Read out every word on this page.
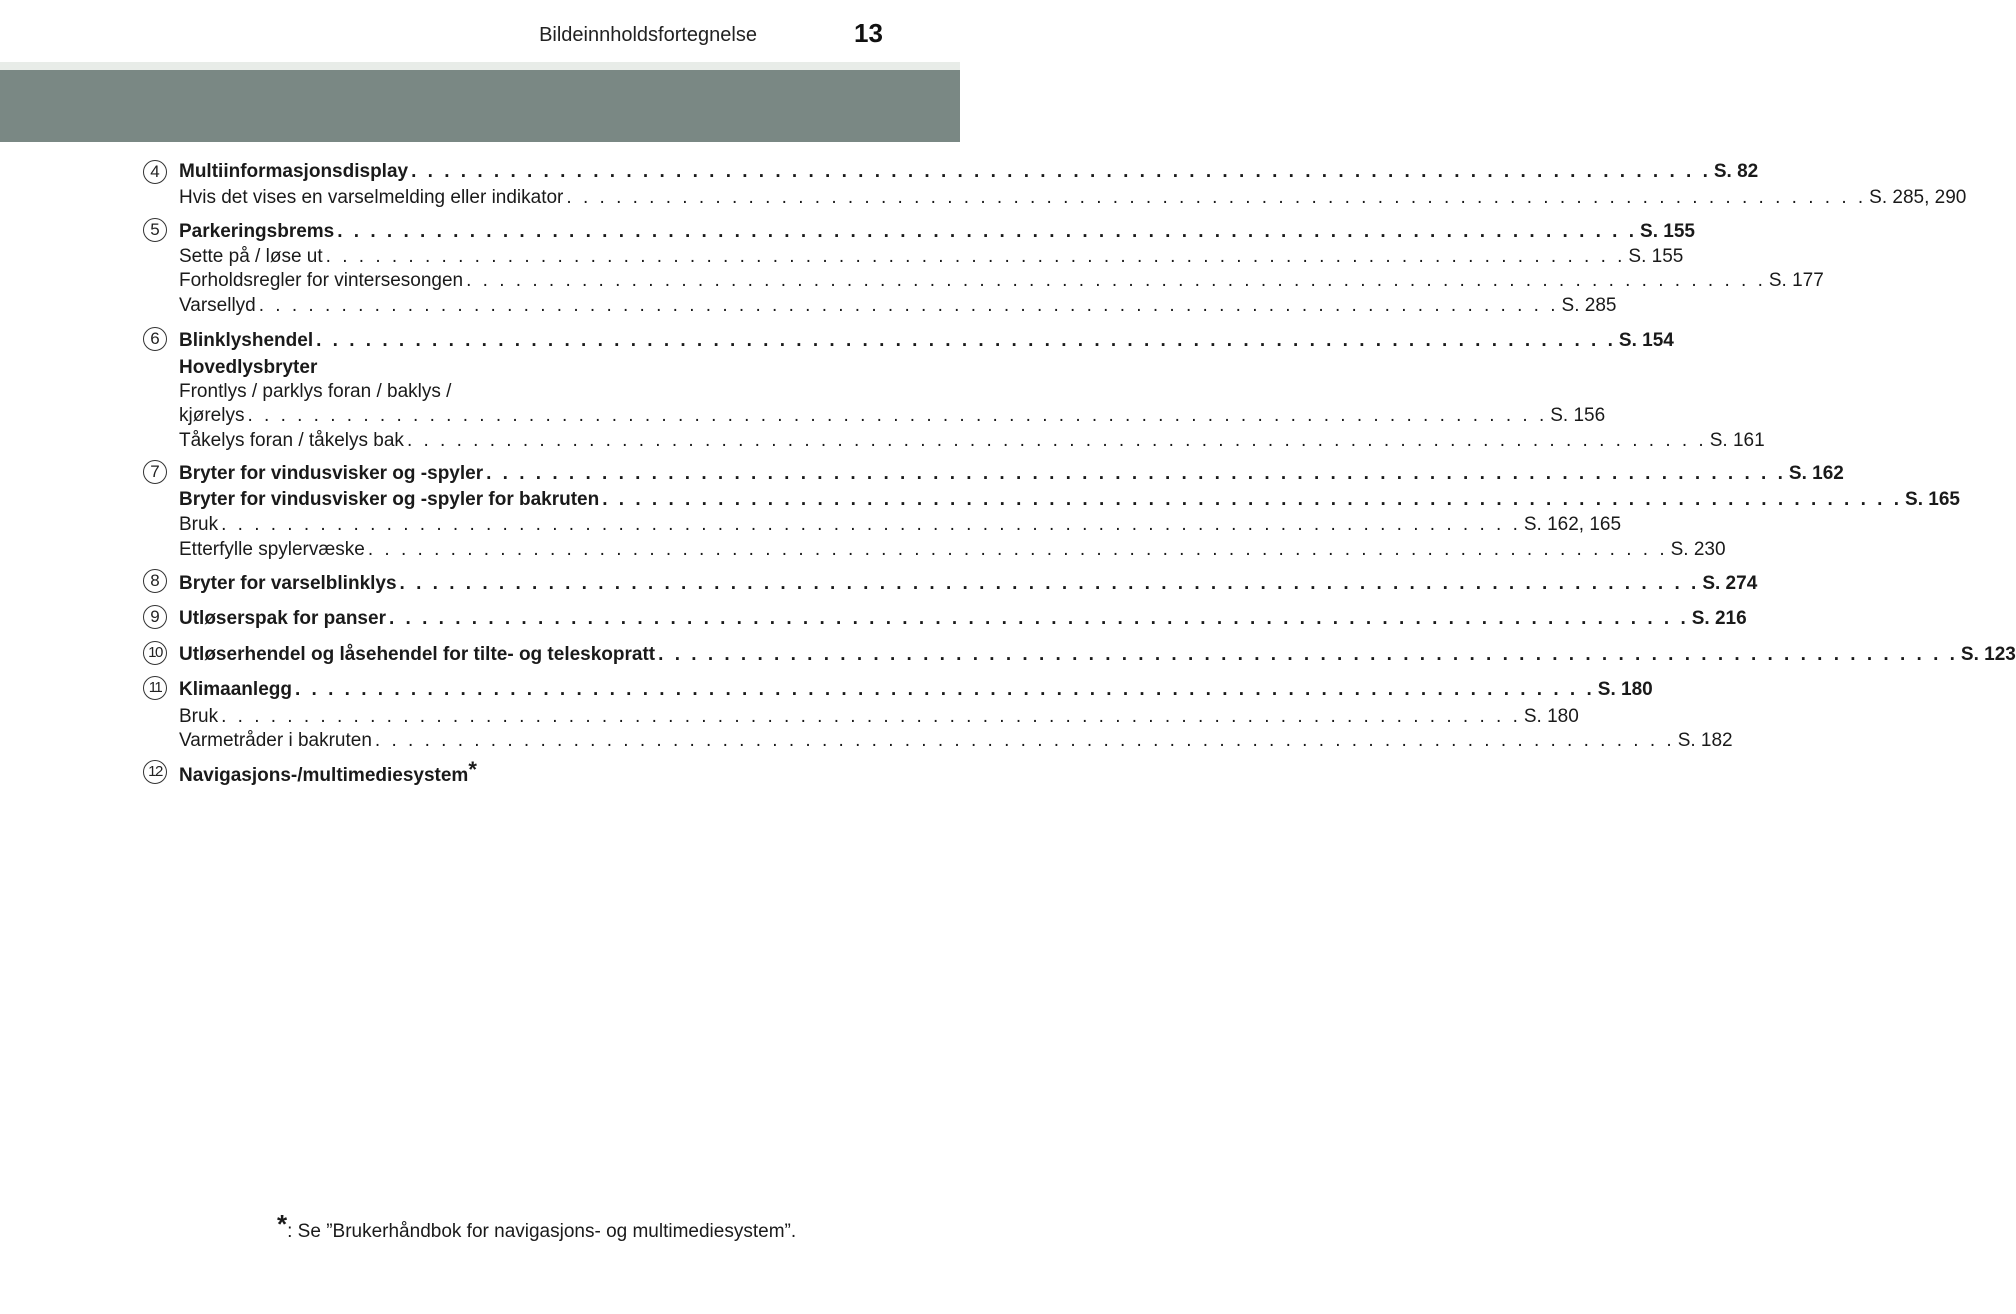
Bildeinnholdsfortegnelse	13
4	Multiinformasjonsdisplay . . . . . . . . . . . . . . . . . . . . . . . . . . . . . . . . . . . . . . . . . . . . . . . . . . . . . . . . . . . . . . . . . . . . . . . . . . . . . . . S. 82
Hvis det vises en varselmelding eller indikator . . . . . . . . . . . . . . . . . . . . . . . . . . . . . . . . . . . . . . . . . . . . . . . . . . . . . . . . . . . . . . . . . . . . . . . . . . . . . . . S. 285, 290
5	Parkeringsbrems . . . . . . . . . . . . . . . . . . . . . . . . . . . . . . . . . . . . . . . . . . . . . . . . . . . . . . . . . . . . . . . . . . . . . . . . . . . . . . . S. 155
Sette på / løse ut . . . . . . . . . . . . . . . . . . . . . . . . . . . . . . . . . . . . . . . . . . . . . . . . . . . . . . . . . . . . . . . . . . . . . . . . . . . . . . . S. 155
Forholdsregler for vintersesongen . . . . . . . . . . . . . . . . . . . . . . . . . . . . . . . . . . . . . . . . . . . . . . . . . . . . . . . . . . . . . . . . . . . . . . . . . . . . . . . S. 177
Varsellyd . . . . . . . . . . . . . . . . . . . . . . . . . . . . . . . . . . . . . . . . . . . . . . . . . . . . . . . . . . . . . . . . . . . . . . . . . . . . . . . S. 285
6	Blinklyshendel . . . . . . . . . . . . . . . . . . . . . . . . . . . . . . . . . . . . . . . . . . . . . . . . . . . . . . . . . . . . . . . . . . . . . . . . . . . . . . . S. 154
Hovedlysbryter
Frontlys / parklys foran / baklys /
kjørelys . . . . . . . . . . . . . . . . . . . . . . . . . . . . . . . . . . . . . . . . . . . . . . . . . . . . . . . . . . . . . . . . . . . . . . . . . . . . . . . S. 156
Tåkelys foran / tåkelys bak . . . . . . . . . . . . . . . . . . . . . . . . . . . . . . . . . . . . . . . . . . . . . . . . . . . . . . . . . . . . . . . . . . . . . . . . . . . . . . . S. 161
7	Bryter for vindusvisker og -spyler . . . . . . . . . . . . . . . . . . . . . . . . . . . . . . . . . . . . . . . . . . . . . . . . . . . . . . . . . . . . . . . . . . . . . . . . . . . . . . . S. 162
Bryter for vindusvisker og -spyler for bakruten . . . . . . . . . . . . . . . . . . . . . . . . . . . . . . . . . . . . . . . . . . . . . . . . . . . . . . . . . . . . . . . . . . . . . . . . . . . . . . . S. 165
Bruk . . . . . . . . . . . . . . . . . . . . . . . . . . . . . . . . . . . . . . . . . . . . . . . . . . . . . . . . . . . . . . . . . . . . . . . . . . . . . . . S. 162, 165
Etterfylle spylervæske . . . . . . . . . . . . . . . . . . . . . . . . . . . . . . . . . . . . . . . . . . . . . . . . . . . . . . . . . . . . . . . . . . . . . . . . . . . . . . . S. 230
8	Bryter for varselblinklys . . . . . . . . . . . . . . . . . . . . . . . . . . . . . . . . . . . . . . . . . . . . . . . . . . . . . . . . . . . . . . . . . . . . . . . . . . . . . . . S. 274
9	Utløserspak for panser . . . . . . . . . . . . . . . . . . . . . . . . . . . . . . . . . . . . . . . . . . . . . . . . . . . . . . . . . . . . . . . . . . . . . . . . . . . . . . . S. 216
10 Utløserhendel og låsehendel for tilte- og teleskopratt . . . . . . . . . . . . . . . . . . . . . . . . . . . . . . . . . . . . . . . . . . . . . . . . . . . . . . . . . . . . . . . . . . . . . . . . . . . . . . . S. 123
11 Klimaanlegg . . . . . . . . . . . . . . . . . . . . . . . . . . . . . . . . . . . . . . . . . . . . . . . . . . . . . . . . . . . . . . . . . . . . . . . . . . . . . . . S. 180
Bruk . . . . . . . . . . . . . . . . . . . . . . . . . . . . . . . . . . . . . . . . . . . . . . . . . . . . . . . . . . . . . . . . . . . . . . . . . . . . . . . S. 180
Varmetråder i bakruten . . . . . . . . . . . . . . . . . . . . . . . . . . . . . . . . . . . . . . . . . . . . . . . . . . . . . . . . . . . . . . . . . . . . . . . . . . . . . . . S. 182
12 Navigasjons-/multimediesystem*
*: Se ”Brukerhåndbok for navigasjons- og multimediesystem”.
